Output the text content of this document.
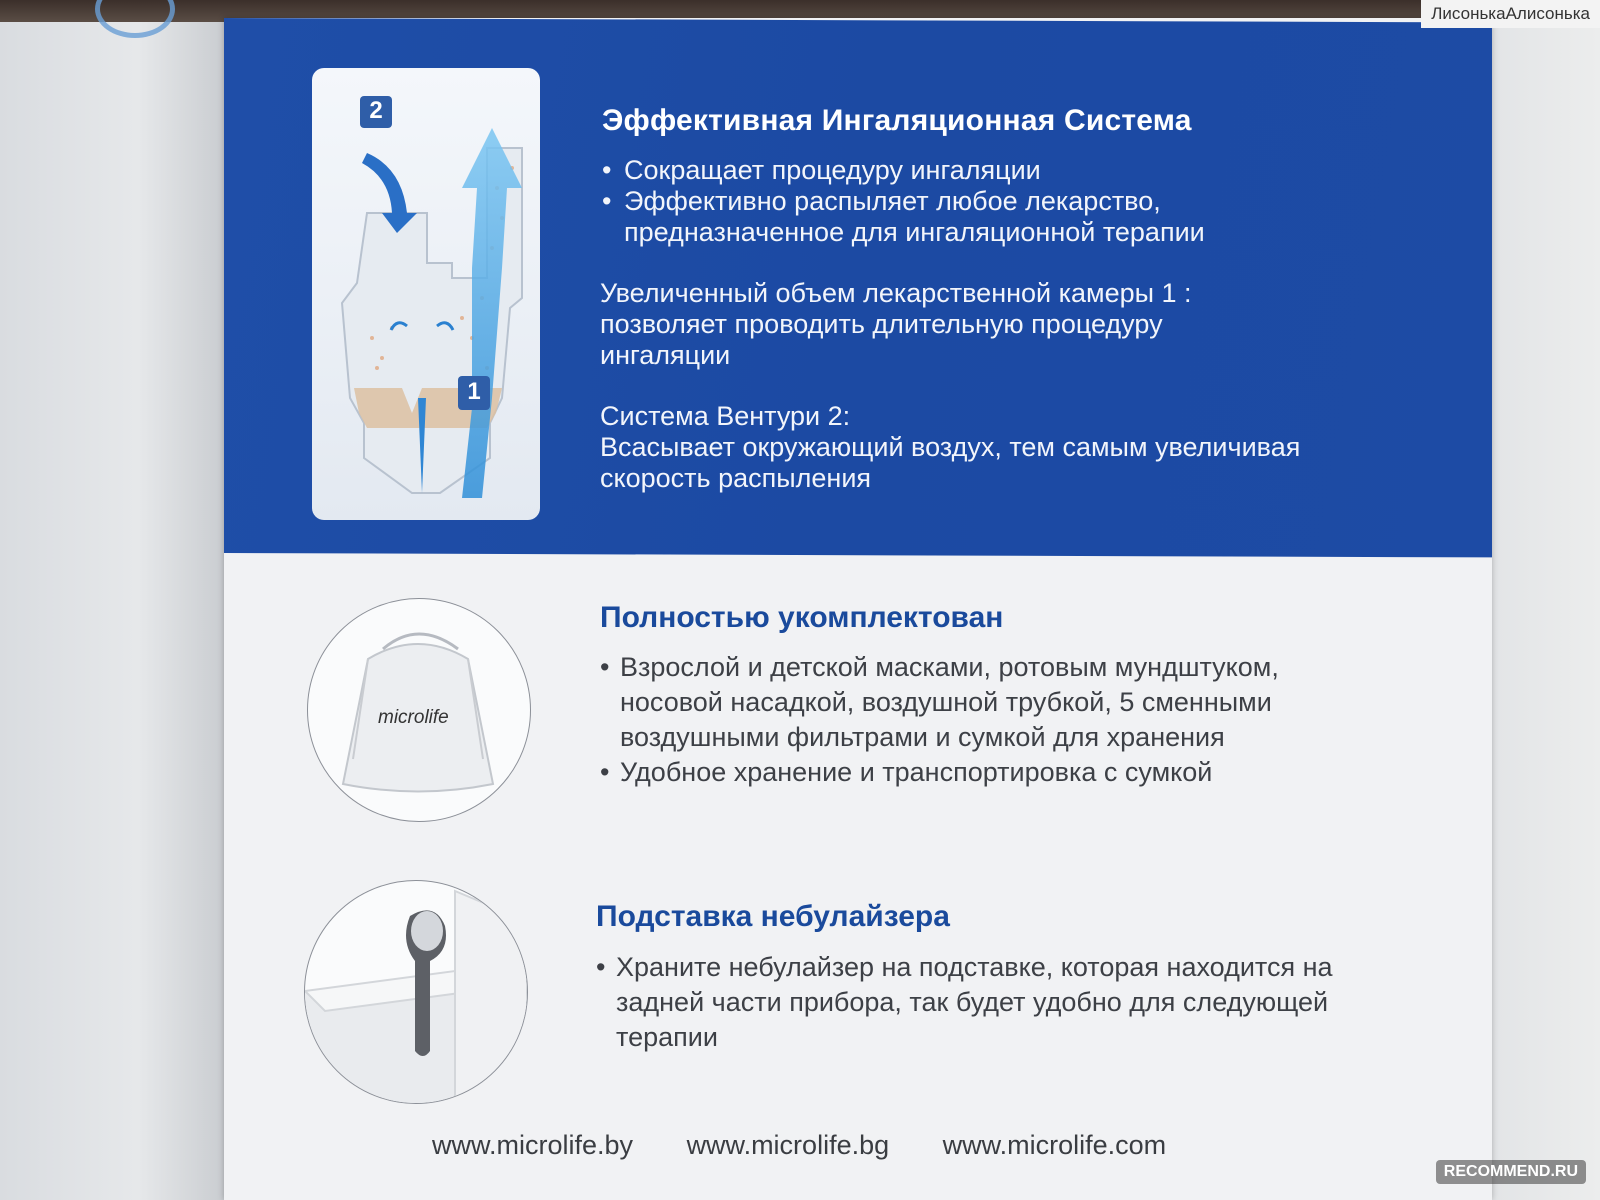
2
1
Эффективная Ингаляционная Система
• Сокращает процедуру ингаляции
• Эффективно распыляет любое лекарство, предназначенное для ингаляционной терапии
Увеличенный объем лекарственной камеры 1 :
позволяет проводить длительную процедуру ингаляции
Система Вентури 2:
Всасывает окружающий воздух, тем самым увеличивая скорость распыления
microlife
Полностью укомплектован
• Взрослой и детской масками, ротовым мундштуком, носовой насадкой, воздушной трубкой, 5 сменными воздушными фильтрами и сумкой для хранения
• Удобное хранение и транспортировка с сумкой
Подставка небулайзера
• Храните небулайзер на подставке, которая находится на задней части прибора, так будет удобно для следующей терапии
www.microlife.by www.microlife.bg www.microlife.com
ЛисонькаАлисонька
RECOMMEND.RU
